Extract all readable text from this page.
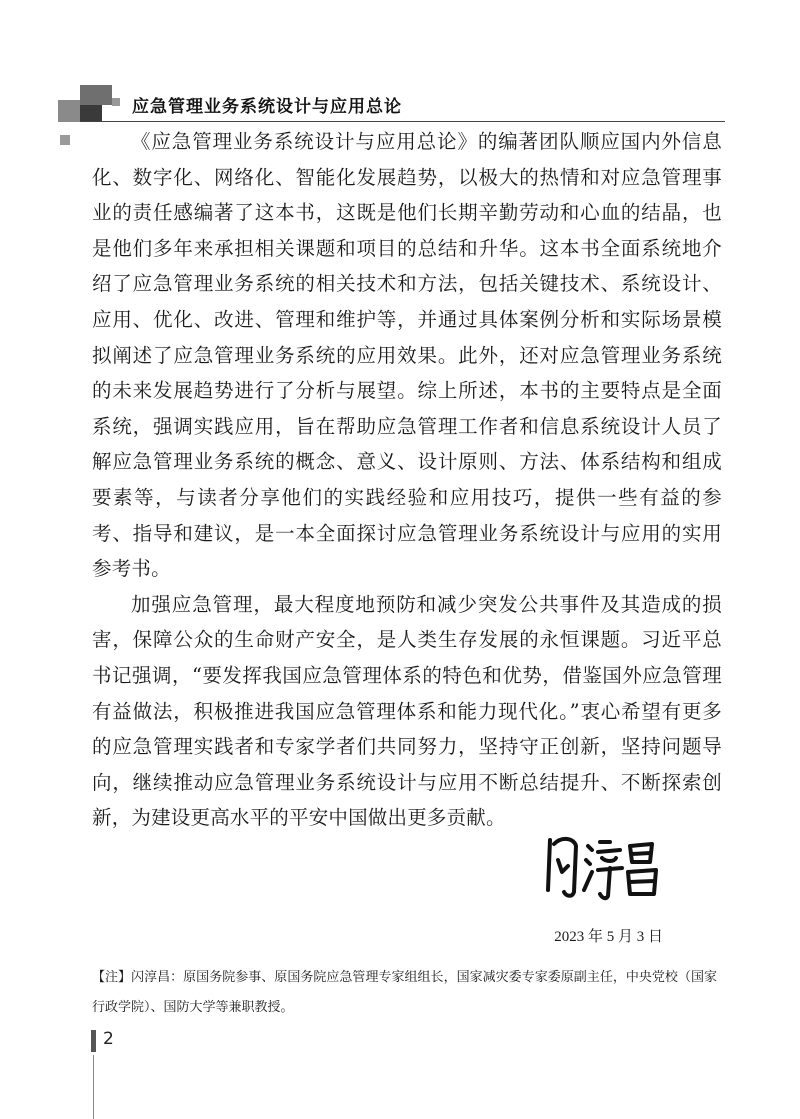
应急管理业务系统设计与应用总论

《应急管理业务系统设计与应用总论》的编著团队顺应国内外信息化、数字化、网络化、智能化发展趋势，以极大的热情和对应急管理事业的责任感编著了这本书，这既是他们长期辛勤劳动和心血的结晶，也是他们多年来承担相关课题和项目的总结和升华。这本书全面系统地介绍了应急管理业务系统的相关技术和方法，包括关键技术、系统设计、应用、优化、改进、管理和维护等，并通过具体案例分析和实际场景模拟阐述了应急管理业务系统的应用效果。此外，还对应急管理业务系统的未来发展趋势进行了分析与展望。综上所述，本书的主要特点是全面系统，强调实践应用，旨在帮助应急管理工作者和信息系统设计人员了解应急管理业务系统的概念、意义、设计原则、方法、体系结构和组成要素等，与读者分享他们的实践经验和应用技巧，提供一些有益的参考、指导和建议，是一本全面探讨应急管理业务系统设计与应用的实用参考书。

加强应急管理，最大程度地预防和减少突发公共事件及其造成的损害，保障公众的生命财产安全，是人类生存发展的永恒课题。习近平总书记强调，“要发挥我国应急管理体系的特色和优势，借鉴国外应急管理有益做法，积极推进我国应急管理体系和能力现代化。”衷心希望有更多的应急管理实践者和专家学者们共同努力，坚持守正创新，坚持问题导向，继续推动应急管理业务系统设计与应用不断总结提升、不断探索创新，为建设更高水平的平安中国做出更多贡献。

2023 年 5 月 3 日

【注】闪淳昌：原国务院参事、原国务院应急管理专家组组长，国家减灾委专家委原副主任，中央党校（国家行政学院）、国防大学等兼职教授。

2
